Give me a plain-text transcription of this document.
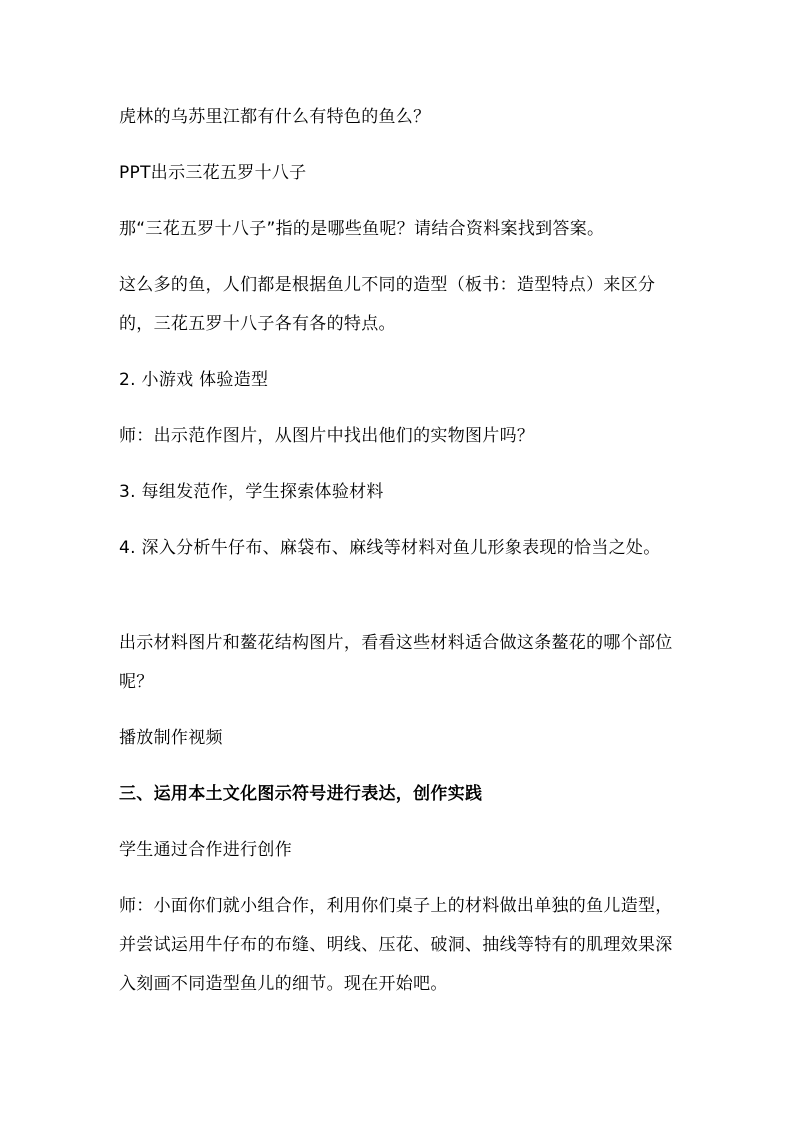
虎林的乌苏里江都有什么有特色的鱼么？
PPT出示三花五罗十八子
那“三花五罗十八子”指的是哪些鱼呢？请结合资料案找到答案。
这么多的鱼，人们都是根据鱼儿不同的造型（板书：造型特点）来区分的，三花五罗十八子各有各的特点。
2. 小游戏 体验造型
师：出示范作图片，从图片中找出他们的实物图片吗？
3. 每组发范作，学生探索体验材料
4. 深入分析牛仔布、麻袋布、麻线等材料对鱼儿形象表现的恰当之处。
出示材料图片和鳌花结构图片，看看这些材料适合做这条鳌花的哪个部位呢？
播放制作视频
三、运用本土文化图示符号进行表达，创作实践
学生通过合作进行创作
师：小面你们就小组合作，利用你们桌子上的材料做出单独的鱼儿造型，并尝试运用牛仔布的布缝、明线、压花、破洞、抽线等特有的肌理效果深入刻画不同造型鱼儿的细节。现在开始吧。
